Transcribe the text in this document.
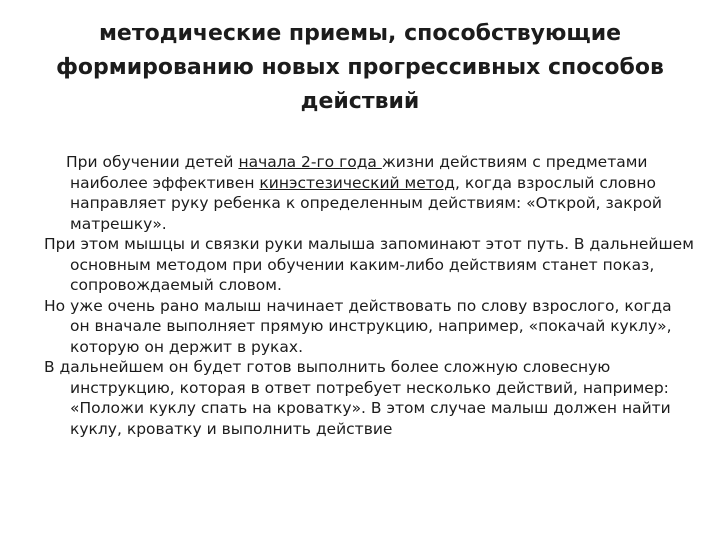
методические приемы, способствующие
формированию новых прогрессивных способов
действий

При обучении детей начала 2-го года жизни действиям с предметами наиболее эффективен кинэстезический метод, когда взрослый словно направляет руку ребенка к определенным действиям: «Открой, закрой матрешку».

При этом мышцы и связки руки малыша запоминают этот путь. В дальнейшем основным методом при обучении каким-либо действиям станет показ, сопровождаемый словом.

Но уже очень рано малыш начинает действовать по слову взрослого, когда он вначале выполняет прямую инструкцию, например, «покачай куклу», которую он держит в руках.

В дальнейшем он будет готов выполнить более сложную словесную инструкцию, которая в ответ потребует несколько действий, например: «Положи куклу спать на кроватку». В этом случае малыш должен найти куклу, кроватку и выполнить действие
